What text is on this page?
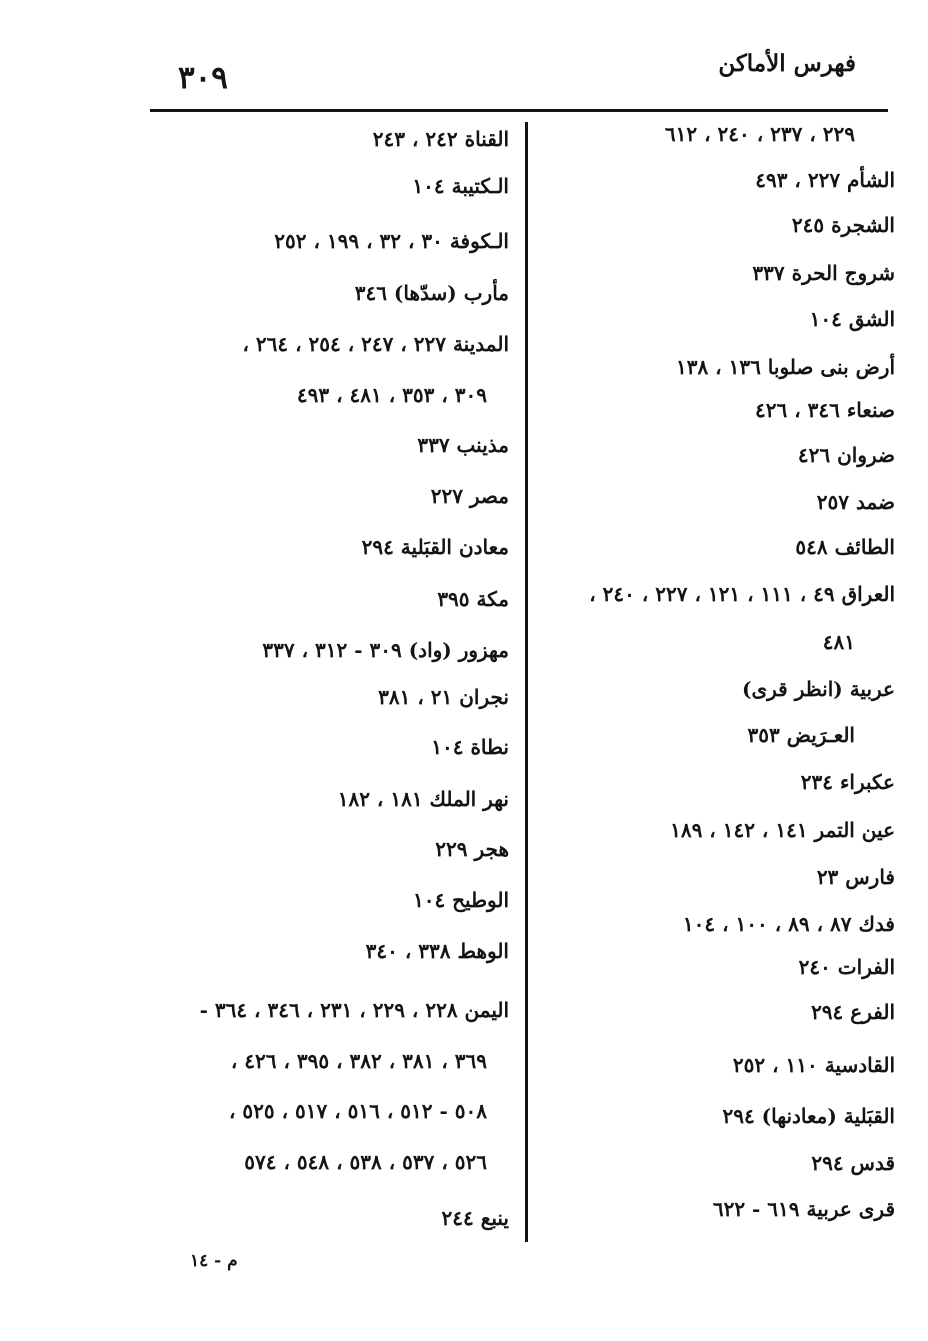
فهرس الأماكن
٣٠٩
٢٢٩ ، ٢٣٧ ، ٢٤٠ ، ٦١٢
الشأم ٢٢٧ ، ٤٩٣
الشجرة ٢٤٥
شروج الحرة ٣٣٧
الشق ١٠٤
أرض بنى صلوبا ١٣٦ ، ١٣٨
صنعاء ٣٤٦ ، ٤٢٦
ضروان ٤٢٦
ضمد ٢٥٧
الطائف ٥٤٨
العراق ٤٩ ، ١١١ ، ١٢١ ، ٢٢٧ ، ٢٤٠ ،
٤٨١
عربية (انظر قرى)
العـرَيض ٣٥٣
عكبراء ٢٣٤
عين التمر ١٤١ ، ١٤٢ ، ١٨٩
فارس ٢٣
فدك ٨٧ ، ٨٩ ، ١٠٠ ، ١٠٤
الفرات ٢٤٠
الفرع ٢٩٤
القادسية ١١٠ ، ٢٥٢
القبَلية (معادنها) ٢٩٤
قدس ٢٩٤
قرى عربية ٦١٩ - ٦٢٢
القناة ٢٤٢ ، ٢٤٣
الـكتيبة ١٠٤
الـكوفة ٣٠ ، ٣٢ ، ١٩٩ ، ٢٥٢
مأرب (سدّها) ٣٤٦
المدينة ٢٢٧ ، ٢٤٧ ، ٢٥٤ ، ٢٦٤ ،
٣٠٩ ، ٣٥٣ ، ٤٨١ ، ٤٩٣
مذينب ٣٣٧
مصر ٢٢٧
معادن القبَلية ٢٩٤
مكة ٣٩٥
مهزور (واد) ٣٠٩ - ٣١٢ ، ٣٣٧
نجران ٢١ ، ٣٨١
نطاة ١٠٤
نهر الملك ١٨١ ، ١٨٢
هجر ٢٢٩
الوطيح ١٠٤
الوهط ٣٣٨ ، ٣٤٠
اليمن ٢٢٨ ، ٢٢٩ ، ٢٣١ ، ٣٤٦ ، ٣٦٤ -
٣٦٩ ، ٣٨١ ، ٣٨٢ ، ٣٩٥ ، ٤٢٦ ،
٥٠٨ - ٥١٢ ، ٥١٦ ، ٥١٧ ، ٥٢٥ ،
٥٢٦ ، ٥٣٧ ، ٥٣٨ ، ٥٤٨ ، ٥٧٤
ينبع ٢٤٤
م - ١٤
